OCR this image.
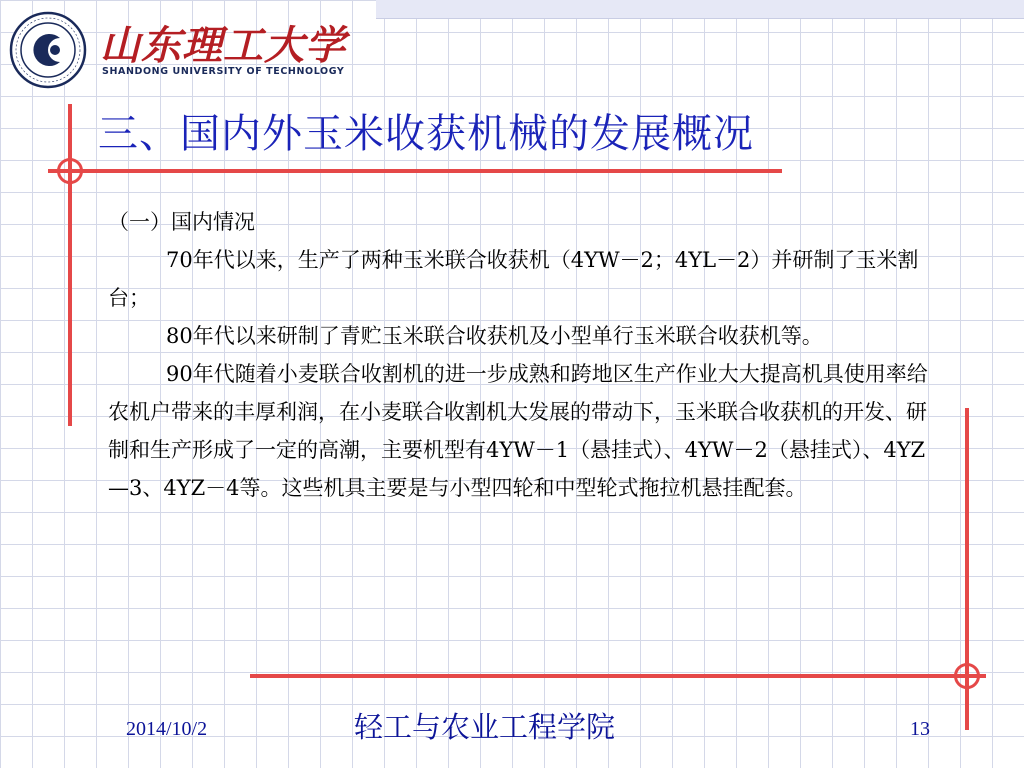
山东理工大学
SHANDONG UNIVERSITY OF TECHNOLOGY
三、国内外玉米收获机械的发展概况

（一）国内情况

70年代以来，生产了两种玉米联合收获机（4YW－2；4YL－2）并研制了玉米割台；

80年代以来研制了青贮玉米联合收获机及小型单行玉米联合收获机等。

90年代随着小麦联合收割机的进一步成熟和跨地区生产作业大大提高机具使用率给农机户带来的丰厚利润，在小麦联合收割机大发展的带动下，玉米联合收获机的开发、研制和生产形成了一定的高潮，主要机型有4YW－1（悬挂式）、4YW－2（悬挂式）、4YZ—3、4YZ－4等。这些机具主要是与小型四轮和中型轮式拖拉机悬挂配套。

2014/10/2	轻工与农业工程学院	13
